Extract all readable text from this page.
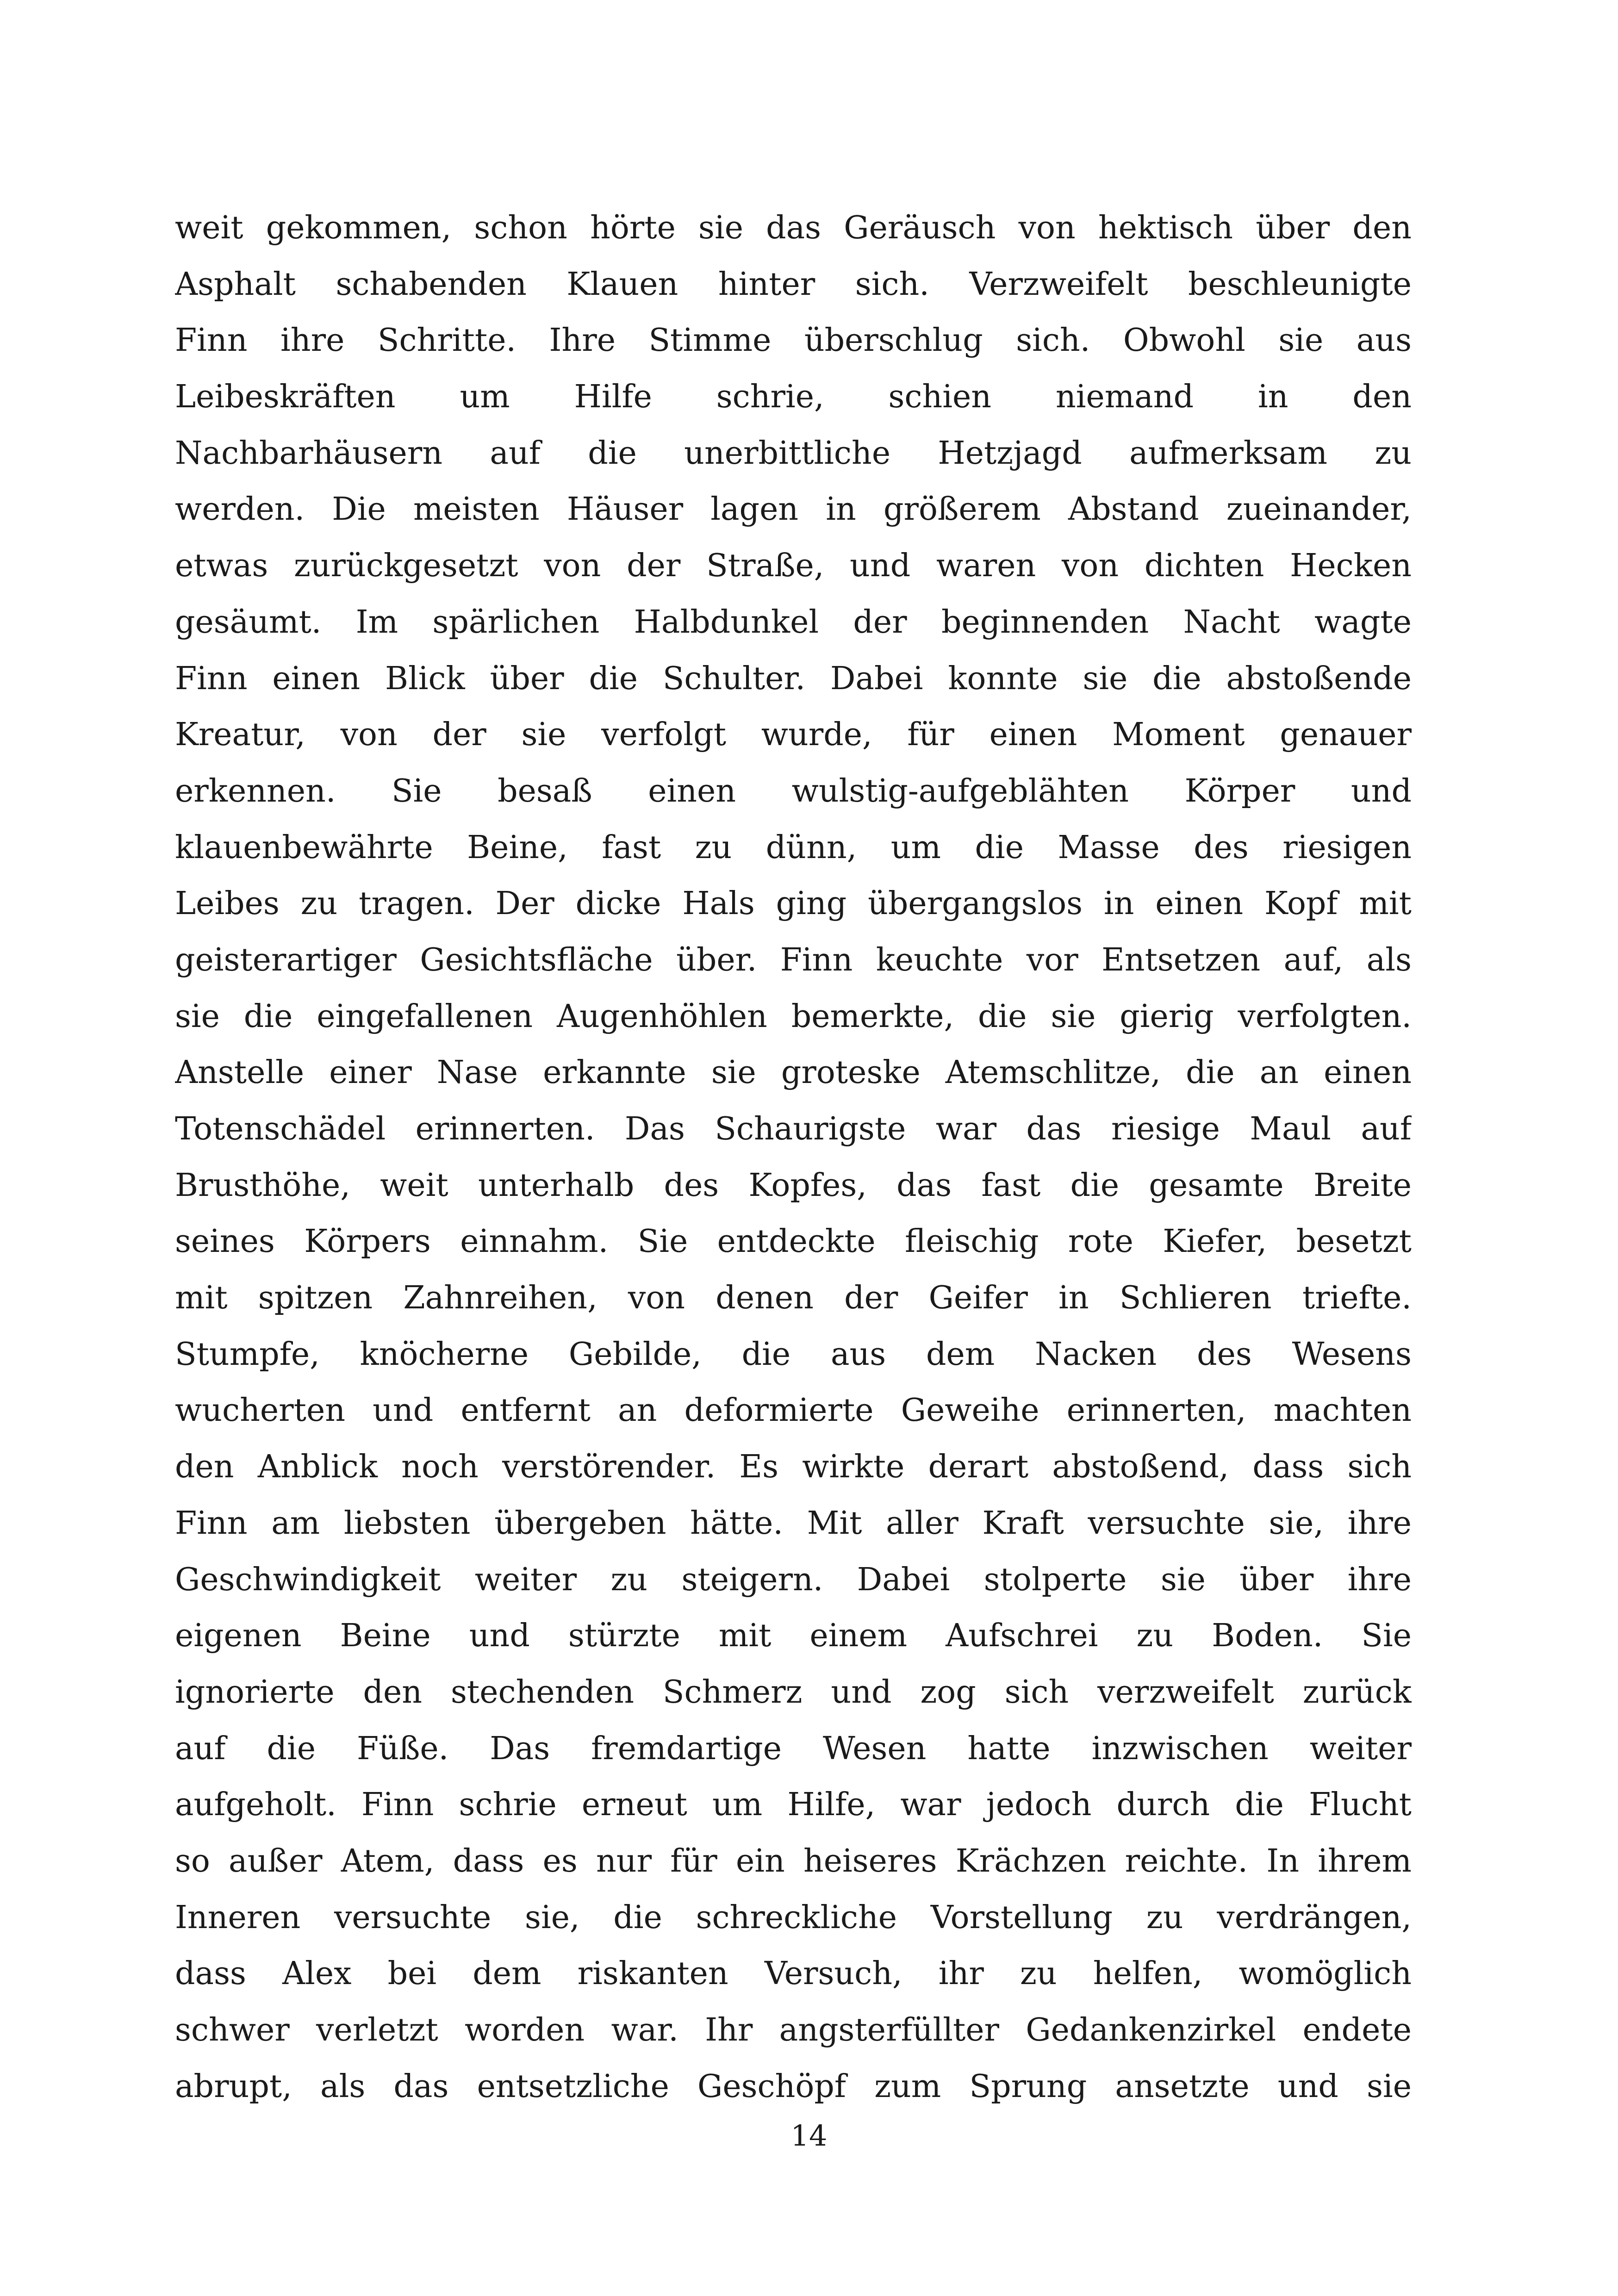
weit gekommen, schon hörte sie das Geräusch von hektisch über den
Asphalt schabenden Klauen hinter sich. Verzweifelt beschleunigte
Finn ihre Schritte. Ihre Stimme überschlug sich. Obwohl sie aus
Leibeskräften um Hilfe schrie, schien niemand in den
Nachbarhäusern auf die unerbittliche Hetzjagd aufmerksam zu
werden. Die meisten Häuser lagen in größerem Abstand zueinander,
etwas zurückgesetzt von der Straße, und waren von dichten Hecken
gesäumt. Im spärlichen Halbdunkel der beginnenden Nacht wagte
Finn einen Blick über die Schulter. Dabei konnte sie die abstoßende
Kreatur, von der sie verfolgt wurde, für einen Moment genauer
erkennen. Sie besaß einen wulstig-aufgeblähten Körper und
klauenbewährte Beine, fast zu dünn, um die Masse des riesigen
Leibes zu tragen. Der dicke Hals ging übergangslos in einen Kopf mit
geisterartiger Gesichtsfläche über. Finn keuchte vor Entsetzen auf, als
sie die eingefallenen Augenhöhlen bemerkte, die sie gierig verfolgten.
Anstelle einer Nase erkannte sie groteske Atemschlitze, die an einen
Totenschädel erinnerten. Das Schaurigste war das riesige Maul auf
Brusthöhe, weit unterhalb des Kopfes, das fast die gesamte Breite
seines Körpers einnahm. Sie entdeckte fleischig rote Kiefer, besetzt
mit spitzen Zahnreihen, von denen der Geifer in Schlieren triefte.
Stumpfe, knöcherne Gebilde, die aus dem Nacken des Wesens
wucherten und entfernt an deformierte Geweihe erinnerten, machten
den Anblick noch verstörender. Es wirkte derart abstoßend, dass sich
Finn am liebsten übergeben hätte. Mit aller Kraft versuchte sie, ihre
Geschwindigkeit weiter zu steigern. Dabei stolperte sie über ihre
eigenen Beine und stürzte mit einem Aufschrei zu Boden. Sie
ignorierte den stechenden Schmerz und zog sich verzweifelt zurück
auf die Füße. Das fremdartige Wesen hatte inzwischen weiter
aufgeholt. Finn schrie erneut um Hilfe, war jedoch durch die Flucht
so außer Atem, dass es nur für ein heiseres Krächzen reichte. In ihrem
Inneren versuchte sie, die schreckliche Vorstellung zu verdrängen,
dass Alex bei dem riskanten Versuch, ihr zu helfen, womöglich
schwer verletzt worden war. Ihr angsterfüllter Gedankenzirkel endete
abrupt, als das entsetzliche Geschöpf zum Sprung ansetzte und sie
14
